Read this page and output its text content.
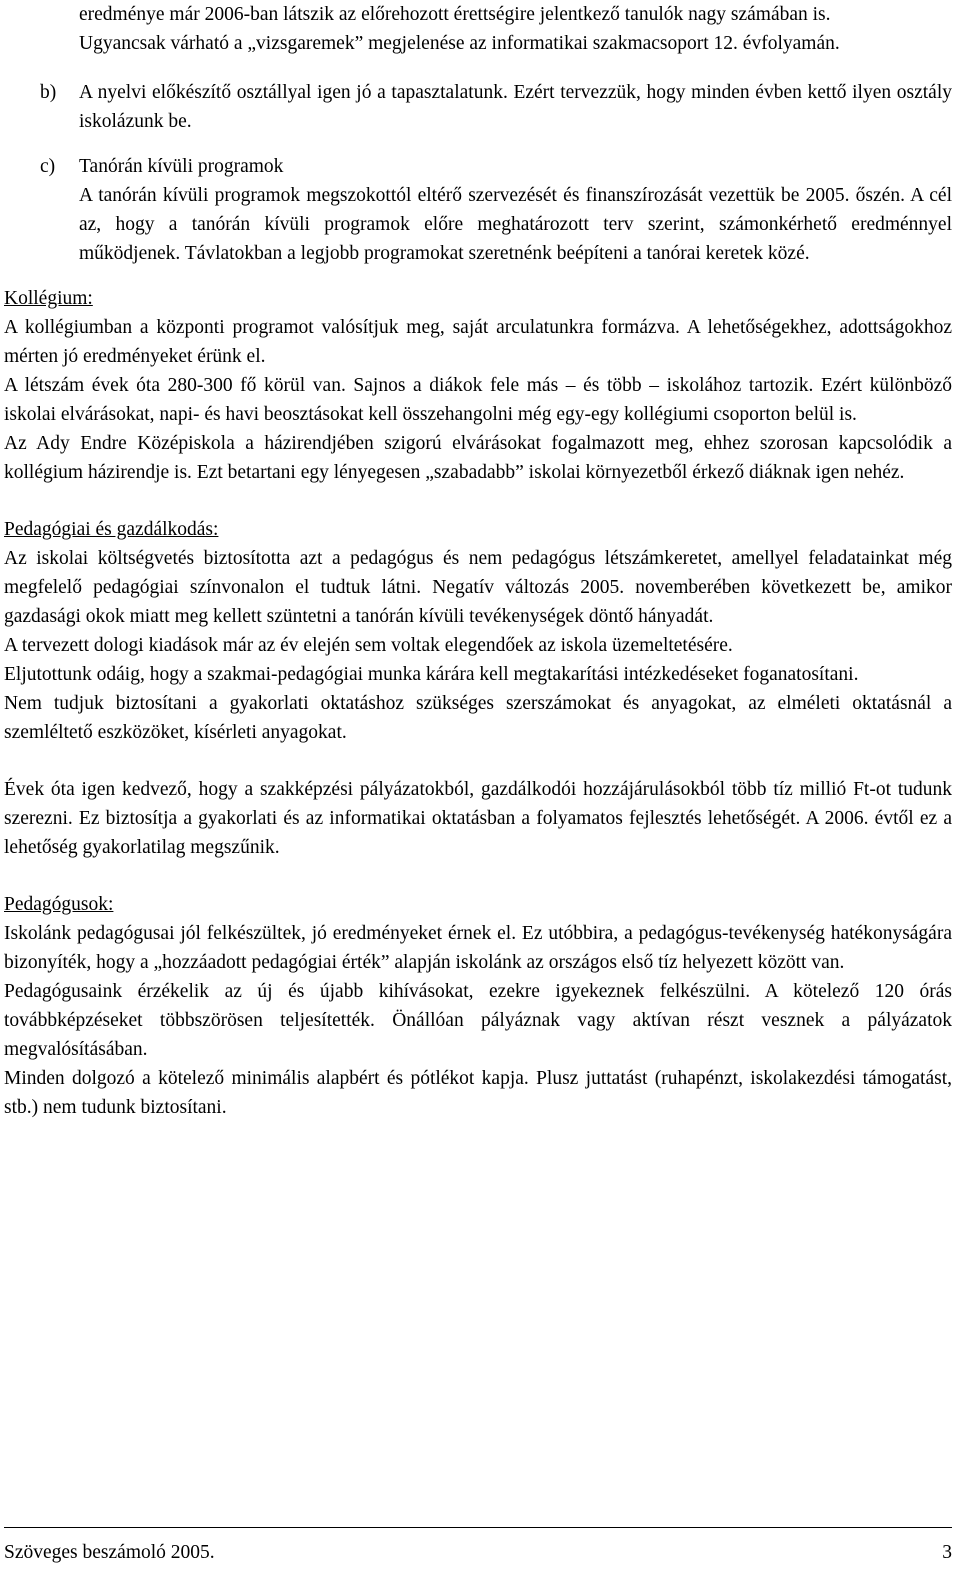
eredménye már 2006-ban látszik az előrehozott érettségire jelentkező tanulók nagy számában is.

Ugyancsak várható a „vizsgaremek” megjelenése az informatikai szakmacsoport 12. évfolyamán.

b) A nyelvi előkészítő osztállyal igen jó a tapasztalatunk. Ezért tervezzük, hogy minden évben kettő ilyen osztály iskolázunk be.

c) Tanórán kívüli programok

A tanórán kívüli programok megszokottól eltérő szervezését és finanszírozását vezettük be 2005. őszén. A cél az, hogy a tanórán kívüli programok előre meghatározott terv szerint, számonkérhető eredménnyel működjenek. Távlatokban a legjobb programokat szeretnénk beépíteni a tanórai keretek közé.

Kollégium:

A kollégiumban a központi programot valósítjuk meg, saját arculatunkra formázva. A lehetőségekhez, adottságokhoz mérten jó eredményeket érünk el.

A létszám évek óta 280-300 fő körül van. Sajnos a diákok fele más – és több – iskolához tartozik. Ezért különböző iskolai elvárásokat, napi- és havi beosztásokat kell összehangolni még egy-egy kollégiumi csoporton belül is.

Az Ady Endre Középiskola a házirendjében szigorú elvárásokat fogalmazott meg, ehhez szorosan kapcsolódik a kollégium házirendje is. Ezt betartani egy lényegesen „szabadabb” iskolai környezetből érkező diáknak igen nehéz.

Pedagógiai és gazdálkodás:

Az iskolai költségvetés biztosította azt a pedagógus és nem pedagógus létszámkeretet, amellyel feladatainkat még megfelelő pedagógiai színvonalon el tudtuk látni. Negatív változás 2005. novemberében következett be, amikor gazdasági okok miatt meg kellett szüntetni a tanórán kívüli tevékenységek döntő hányadát.

A tervezett dologi kiadások már az év elején sem voltak elegendőek az iskola üzemeltetésére.

Eljutottunk odáig, hogy a szakmai-pedagógiai munka kárára kell megtakarítási intézkedéseket foganatosítani.

Nem tudjuk biztosítani a gyakorlati oktatáshoz szükséges szerszámokat és anyagokat, az elméleti oktatásnál a szemléltető eszközöket, kísérleti anyagokat.

Évek óta igen kedvező, hogy a szakképzési pályázatokból, gazdálkodói hozzájárulásokból több tíz millió Ft-ot tudunk szerezni. Ez biztosítja a gyakorlati és az informatikai oktatásban a folyamatos fejlesztés lehetőségét. A 2006. évtől ez a lehetőség gyakorlatilag megszűnik.

Pedagógusok:

Iskolánk pedagógusai jól felkészültek, jó eredményeket érnek el. Ez utóbbira, a pedagógus-tevékenység hatékonyságára bizonyíték, hogy a „hozzáadott pedagógiai érték” alapján iskolánk az országos első tíz helyezett között van.

Pedagógusaink érzékelik az új és újabb kihívásokat, ezekre igyekeznek felkészülni. A kötelező 120 órás továbbképzéseket többszörösen teljesítették. Önállóan pályáznak vagy aktívan részt vesznek a pályázatok megvalósításában.

Minden dolgozó a kötelező minimális alapbért és pótlékot kapja. Plusz juttatást (ruhapénzt, iskolakezdési támogatást, stb.) nem tudunk biztosítani.

Szöveges beszámoló 2005.	3
